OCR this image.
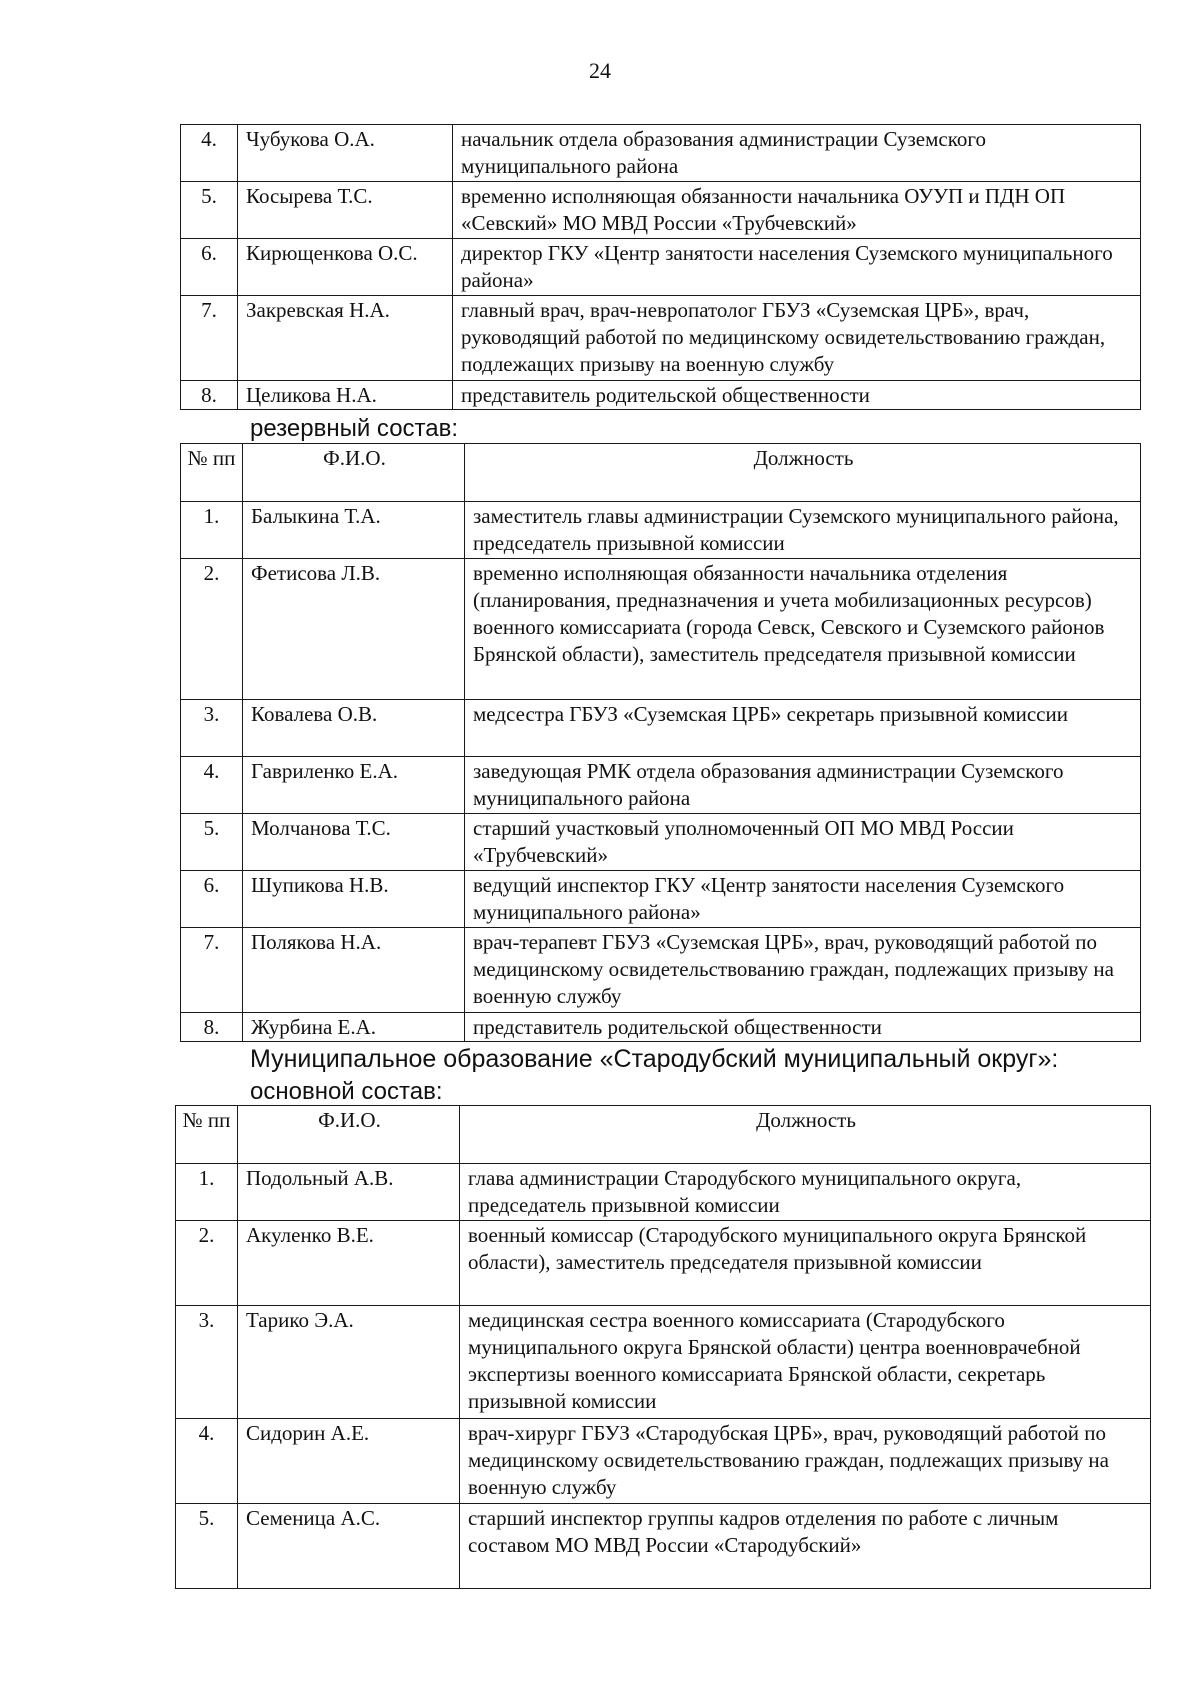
24
4.	Чубукова О.А.	начальник отдела образования администрации Суземского муниципального района
5.	Косырева Т.С.	временно исполняющая обязанности начальника ОУУП и ПДН ОП «Севский» МО МВД России «Трубчевский»
6.	Кирющенкова О.С.	директор ГКУ «Центр занятости населения Суземского муниципального района»
7.	Закревская Н.А.	главный врач, врач-невропатолог ГБУЗ «Суземская ЦРБ», врач, руководящий работой по медицинскому освидетельствованию граждан, подлежащих призыву на военную службу
8.	Целикова Н.А.	представитель родительской общественности
резервный состав:
№ пп	Ф.И.О.	Должность
1.	Балыкина Т.А.	заместитель главы администрации Суземского муниципального района, председатель призывной комиссии
2.	Фетисова Л.В.	временно исполняющая обязанности начальника отделения (планирования, предназначения и учета мобилизационных ресурсов) военного комиссариата (города Севск, Севского и Суземского районов Брянской области), заместитель председателя призывной комиссии
3.	Ковалева О.В.	медсестра ГБУЗ «Суземская ЦРБ» секретарь призывной комиссии
4.	Гавриленко Е.А.	заведующая РМК отдела образования администрации Суземского муниципального района
5.	Молчанова Т.С.	старший участковый уполномоченный ОП МО МВД России «Трубчевский»
6.	Шупикова Н.В.	ведущий инспектор ГКУ «Центр занятости населения Суземского муниципального района»
7.	Полякова Н.А.	врач-терапевт ГБУЗ «Суземская ЦРБ», врач, руководящий работой по медицинскому освидетельствованию граждан, подлежащих призыву на военную службу
8.	Журбина Е.А.	представитель родительской общественности
Муниципальное образование «Стародубский муниципальный округ»:
основной состав:
№ пп	Ф.И.О.	Должность
1.	Подольный А.В.	глава администрации Стародубского муниципального округа, председатель призывной комиссии
2.	Акуленко В.Е.	военный комиссар (Стародубского муниципального округа Брянской области), заместитель председателя призывной комиссии
3.	Тарико Э.А.	медицинская сестра военного комиссариата (Стародубского муниципального округа Брянской области) центра военноврачебной экспертизы военного комиссариата Брянской области, секретарь призывной комиссии
4.	Сидорин А.Е.	врач-хирург ГБУЗ «Стародубская ЦРБ», врач, руководящий работой по медицинскому освидетельствованию граждан, подлежащих призыву на военную службу
5.	Семеница А.С.	старший инспектор группы кадров отделения по работе с личным составом МО МВД России «Стародубский»
